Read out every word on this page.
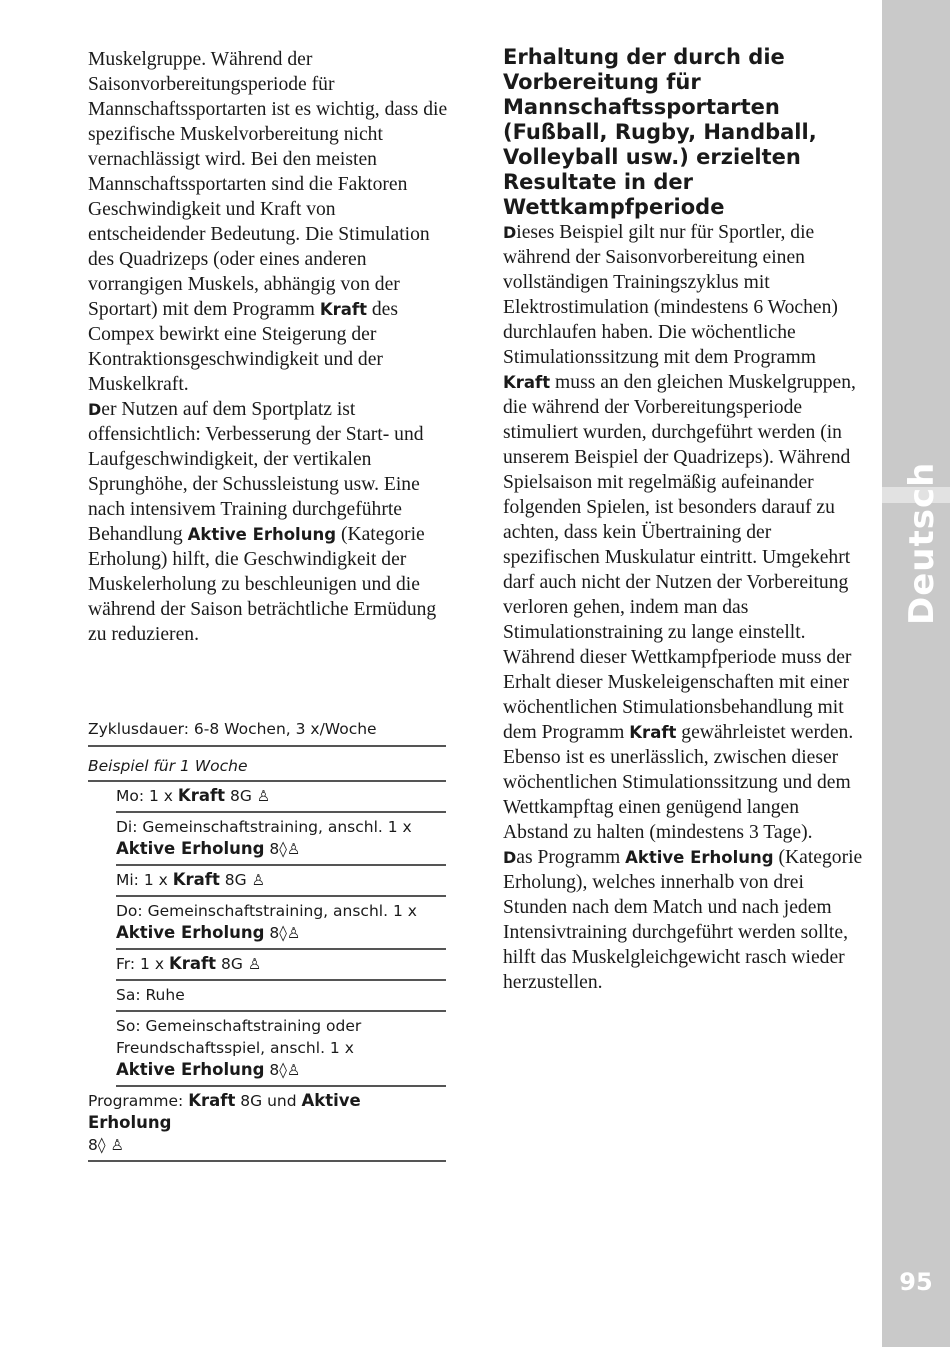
95

Muskelgruppe. Während der Saisonvorbereitungsperiode für Mannschaftssportarten ist es wichtig, dass die spezifische Muskelvorbereitung nicht vernachlässigt wird. Bei den meisten Mannschaftssportarten sind die Faktoren Geschwindigkeit und Kraft von entscheidender Bedeutung. Die Stimulation des Quadrizeps (oder eines anderen vorrangigen Muskels, abhängig von der Sportart) mit dem Programm Kraft des Compex bewirkt eine Steigerung der Kontraktionsgeschwindigkeit und der Muskelkraft.

Der Nutzen auf dem Sportplatz ist offensichtlich: Verbesserung der Start- und Laufgeschwindigkeit, der vertikalen Sprunghöhe, der Schussleistung usw. Eine nach intensivem Training durchgeführte Behandlung Aktive Erholung (Kategorie Erholung) hilft, die Geschwindigkeit der Muskelerholung zu beschleunigen und die während der Saison beträchtliche Ermüdung zu reduzieren.

Zyklusdauer: 6-8 Wochen, 3 x/Woche
Beispiel für 1 Woche
Mo: 1 x Kraft 8G ♙
Di: Gemeinschaftstraining, anschl. 1 x
Aktive Erholung 8◊♙
Mi: 1 x Kraft 8G ♙
Do: Gemeinschaftstraining, anschl. 1 x
Aktive Erholung 8◊♙
Fr: 1 x Kraft 8G ♙
Sa: Ruhe
So: Gemeinschaftstraining oder Freundschaftsspiel, anschl. 1 x
Aktive Erholung 8◊♙
Programme: Kraft 8G und Aktive Erholung
8◊ ♙
Erhaltung der durch die Vorbereitung für Mannschaftssportarten (Fußball, Rugby, Handball, Volleyball usw.) erzielten Resultate in der Wettkampfperiode

Dieses Beispiel gilt nur für Sportler, die während der Saisonvorbereitung einen vollständigen Trainingszyklus mit Elektrostimulation (mindestens 6 Wochen) durchlaufen haben. Die wöchentliche Stimulationssitzung mit dem Programm Kraft muss an den gleichen Muskelgruppen, die während der Vorbereitungsperiode stimuliert wurden, durchgeführt werden (in unserem Beispiel der Quadrizeps). Während Spielsaison mit regelmäßig aufeinander folgenden Spielen, ist besonders darauf zu achten, dass kein Übertraining der spezifischen Muskulatur eintritt. Umgekehrt darf auch nicht der Nutzen der Vorbereitung verloren gehen, indem man das Stimulationstraining zu lange einstellt. Während dieser Wettkampfperiode muss der Erhalt dieser Muskeleigenschaften mit einer wöchentlichen Stimulationsbehandlung mit dem Programm Kraft gewährleistet werden. Ebenso ist es unerlässlich, zwischen dieser wöchentlichen Stimulationssitzung und dem Wettkampftag einen genügend langen Abstand zu halten (mindestens 3 Tage).

Das Programm Aktive Erholung (Kategorie Erholung), welches innerhalb von drei Stunden nach dem Match und nach jedem Intensivtraining durchgeführt werden sollte, hilft das Muskelgleichgewicht rasch wieder herzustellen.
